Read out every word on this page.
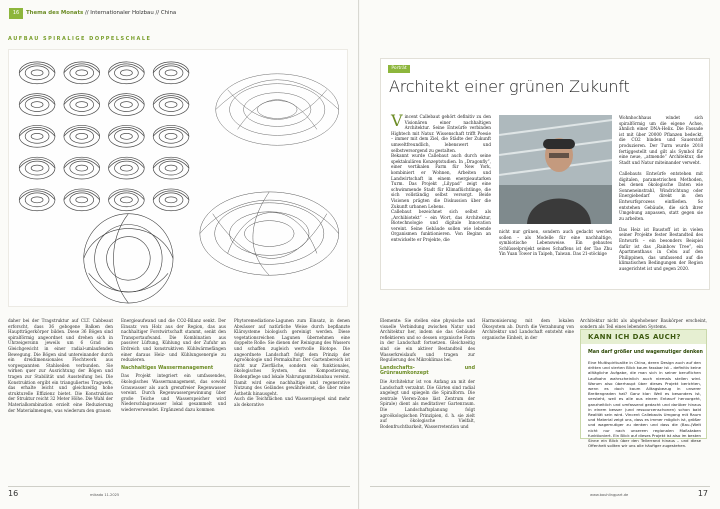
16	Thema des Monats // Internationaler Holzbau // China
AUFBAU SPIRALIGE DOPPELSCHALE

daher bei der Tragstruktur auf CLT. Cabbeaut erforscht, dass 36 gebogene Balken den Hauptträgerkörper bilden. Diese 36 Bögen sind spiralförmig angeordnet und drehen sich in Uhrzeigersinn jeweils um 6 Grad im Gleichgewicht in einer radial-umlaufenden Bewegung. Die Bögen sind untereinander durch ein dreidimensionales Flechtwerk aus vorgespannten Stahlseilen verbunden. Sie wirken quer zur Ausrichtung der Bögen und tragen zur Stabilität und Aussteifung bei. Die Konstruktion ergibt ein trianguliertes Tragwerk, das erhalte leicht und gleichzeitig hohe strukturelle Effizienz bietet. Die Konstruktion der Struktur reicht 32 Meter Höhe. Die Wahl der Materialkombination erzielt eine Reduzierung der Materialmengen, was wiederum den grauen

Energieaufwand und die CO2-Bilanz senkt. Der Einsatz von Holz aus der Region, das aus nachhaltiger Forstwirtschaft stammt, senkt den Transportaufwand. Die Kombination aus passiver Lüftung, Kühlung und der Zufuhr an Erdreich und konstruktiven Kühlwärmefängen einer daraus Heiz- und Kühlungsenergie zu reduzieren.

Nachhaltiges Wassermanagement

Das Projekt integriert ein umfassendes, ökologisches Wassermanagement, das sowohl Grauwasser als auch grenzfreier Regenwasser vereint. Durch Regenwassergewinnung über große Teiche und Wasserspeicher wird Niederschlagswasser lokal gesammelt und wiederverwendet. Ergänzend dazu kommen

Phytoremediations-Lagunen zum Einsatz, in denen Abwässer auf natürliche Weise durch bepflanzte Klärsysteme biologisch gereinigt werden. Diese vegetationsreichen Lagunen übernehmen eine doppelte Rolle: Sie dienen der Reinigung des Wassers und schaffen zugleich wertvolle Biotope. Die angeordnete Landschaft folgt dem Prinzip der Agroökologie und Permakultur. Der Gartenbereich ist nicht nur Zierfläche, sondern ein funktionales, ökologisches System, das Kompostierung, Bodenpflege und lokale Nahrungsmittelanbau vereint. Damit wird eine nachhaltige und regenerative Nutzung des Geländes gewährleistet, die über reine Ästhetik hinausgeht.

Auch die Teichflächen und Wasserspiegel sind mehr als dekorative

16	mikado 11.2025
Porträt
Architekt einer grünen Zukunft
V incent Callebaut gehört definitiv zu den Visionären einer nachhaltigen Architektur. Seine Entwürfe verbinden Hightech mit Natur. Wissenschaft trifft Poesie – immer mit dem Ziel, die Städte der Zukunft umweltfreundlich, lebenswert und selbstversorgend zu gestalten.

Bekannt wurde Callebaut auch durch seine spektakulären Konzeptstudien. In „Dragonfly“, einer vertikalen Farm für New York, kombiniert er Wohnen, Arbeiten und Landwirtschaft in einem energieautarken Turm. Das Projekt „Lilypad“ zeigt eine schwimmende Stadt für Klimaflüchtlinge, die sich vollständig selbst versorgt. Beide Visionen prägten die Diskussion über die Zukunft urbanen Lebens.

Callebaut bezeichnet sich selbst als „Archibiotekt“ – ein Wort, das Architektur, Biotechnologie und digitale Innovation vereint. Seine Gebäude sollen wie lebende Organismen funktionieren. Von Beginn an entwickelte er Projekte, die

nicht nur grünen, sondern auch gedacht werden sollen – als Modelle für eine nachhaltige, symbiotische Lebensweise. Ein gebautes Schlüsselprojekt seines Schaffens ist der Tao Zhu Yin Yuan Tower in Taipeh, Taiwan. Das 21-stöckige
Wohnhochhaus windet sich spiralförmig um die eigene Achse, ähnlich einer DNA-Helix. Die Fassade ist mit über 20000 Pflanzen bedeckt, die CO2 binden und Sauerstoff produzieren. Der Turm wurde 2018 fertiggestellt und gilt als Symbol für eine neue, „atmende“ Architektur, die Stadt und Natur miteinander verwebt.

Callebauts Entwürfe entstehen mit digitalen, parametrischen Methoden, bei denen ökologische Daten wie Sonneneinstrahl, Windrichtung oder Energiebedarf direkt in den Entwurfsprozess einfließen. So entstehen Gebäude, die sich ihrer Umgebung anpassen, statt gegen sie zu arbeiten.

Das Heiz ist Baustoff ist in vielen seiner Projekte fester Bestandteil des Entwurfs – ein besonders Beispiel dafür ist das „Rainbow Tree“, ein Apartmenthaus in Cebu auf den Philippinen, das umfassend auf die klimatischen Bedingungen der Region ausgerichtet ist und gegen 2020.

Elemente: Sie stellen eine physische und visuelle Verbindung zwischen Natur und Architektur her, indem sie das Gebäude reflektieren und so dessen organische Form in der Landschaft fortsetzen. Gleichzeitig sind sie ein aktiver Bestandteil des Wasserkreislaufs und tragen zur Regulierung des Mikroklimas bei.

Landschafts- und Grünraumkonzept

Die Architektur ist von Anfang an mit der Landschaft verzahnt. Die Gärten sind radial angelegt und spiegeln die Spiralform. Die zentrale Vieren-Zone läst Zentrum der Spirale) dient als meditativer Gartenraum. Die Landschaftsplanung folgt agroökologischen Prinzipien, d. h. sie zielt auf ökologische Vielfalt, Bodenfruchtbarkeit, Wasserretention und

Harmonisierung mit dem lokalen Ökosystem ab. Durch die Verzahnung von Architektur und Landschaft entsteht eine organische Einheit, in der

Architektur nicht als abgehobener Baukörper erscheint, sondern als Teil eines lebenden Systems.

KANN ICH DAS AUCH?
Man darf größer und wagemutiger denken
Eine Multispiritualite in China, deren Design auch auf den dritten und vierten Blick kaum fassbar ist – definitiv keine alltägliche Aufgabe, die man sich in seiner beruflichen Laufbahn wahrscheinlich auch niemals stellen wird. Warum also überhaupt über dieses Projekt berichten, wenn es doch kaum Alltagsbezug in unserer Breitengraden hat? Ganz klar: Weil es besonders ist, versteht, weil es alle aus einem Entwurf hervorgeht, ganzheitlich und umfassend gedacht und darüber hinaus in einem besser (und ressourcenschonen) schon bald Realität sein wird. Vincent Callebauts Umgang mit Raum und Material zeigt uns, dass es immer möglich ist, größer und wagemutiger zu denken und dass die (Bau-)Welt nicht nur nach unserem regionalen Maßstaben funktioniert. Ein Blick auf dieses Projekt ist also im besten Sinne ein Blick über den Tellerrand hinaus – und diese Offenheit sollten wir uns alle häufiger zugestehen.
17
www.bauhlingpart.de
